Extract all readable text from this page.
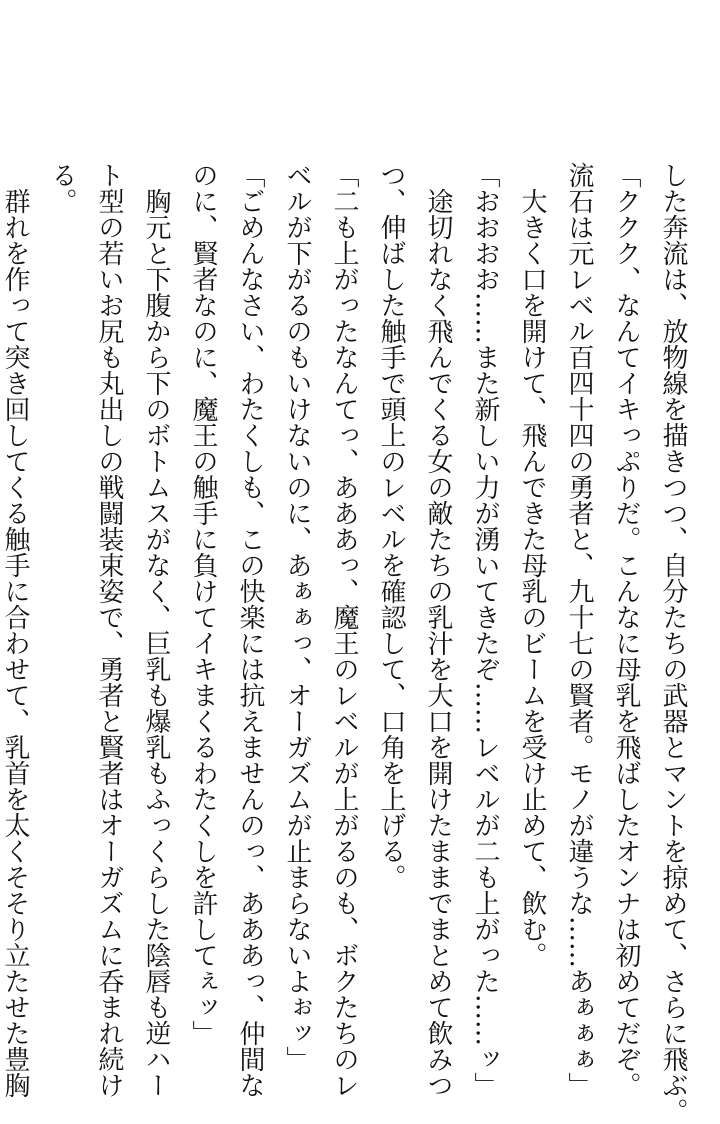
した奔流は、放物線を描きつつ、自分たちの武器とマントを掠めて、さらに飛ぶ。
「ククク、なんてイキっぷりだ。こんなに母乳を飛ばしたオンナは初めてだぞ。
流石は元レベル百四十四の勇者と、九十七の賢者。モノが違うな……あぁぁぁ」
大きく口を開けて、飛んできた母乳のビームを受け止めて、飲む。
「おおおお……また新しい力が湧いてきたぞ……レベルが二も上がった……ッ」
途切れなく飛んでくる女の敵たちの乳汁を大口を開けたままでまとめて飲みつ
つ、伸ばした触手で頭上のレベルを確認して、口角を上げる。
「二も上がったなんてっ、あああっ、魔王のレベルが上がるのも、ボクたちのレ
ベルが下がるのもいけないのに、あぁぁっ、オーガズムが止まらないよぉッ」
「ごめんなさい、わたくしも、この快楽には抗えませんのっ、あああっ、仲間な
のに、賢者なのに、魔王の触手に負けてイキまくるわたくしを許してぇッ」
胸元と下腹から下のボトムスがなく、巨乳も爆乳もふっくらした陰唇も逆ハー
ト型の若いお尻も丸出しの戦闘装束姿で、勇者と賢者はオーガズムに呑まれ続け
る。
群れを作って突き回してくる触手に合わせて、乳首を太くそそり立たせた豊胸
